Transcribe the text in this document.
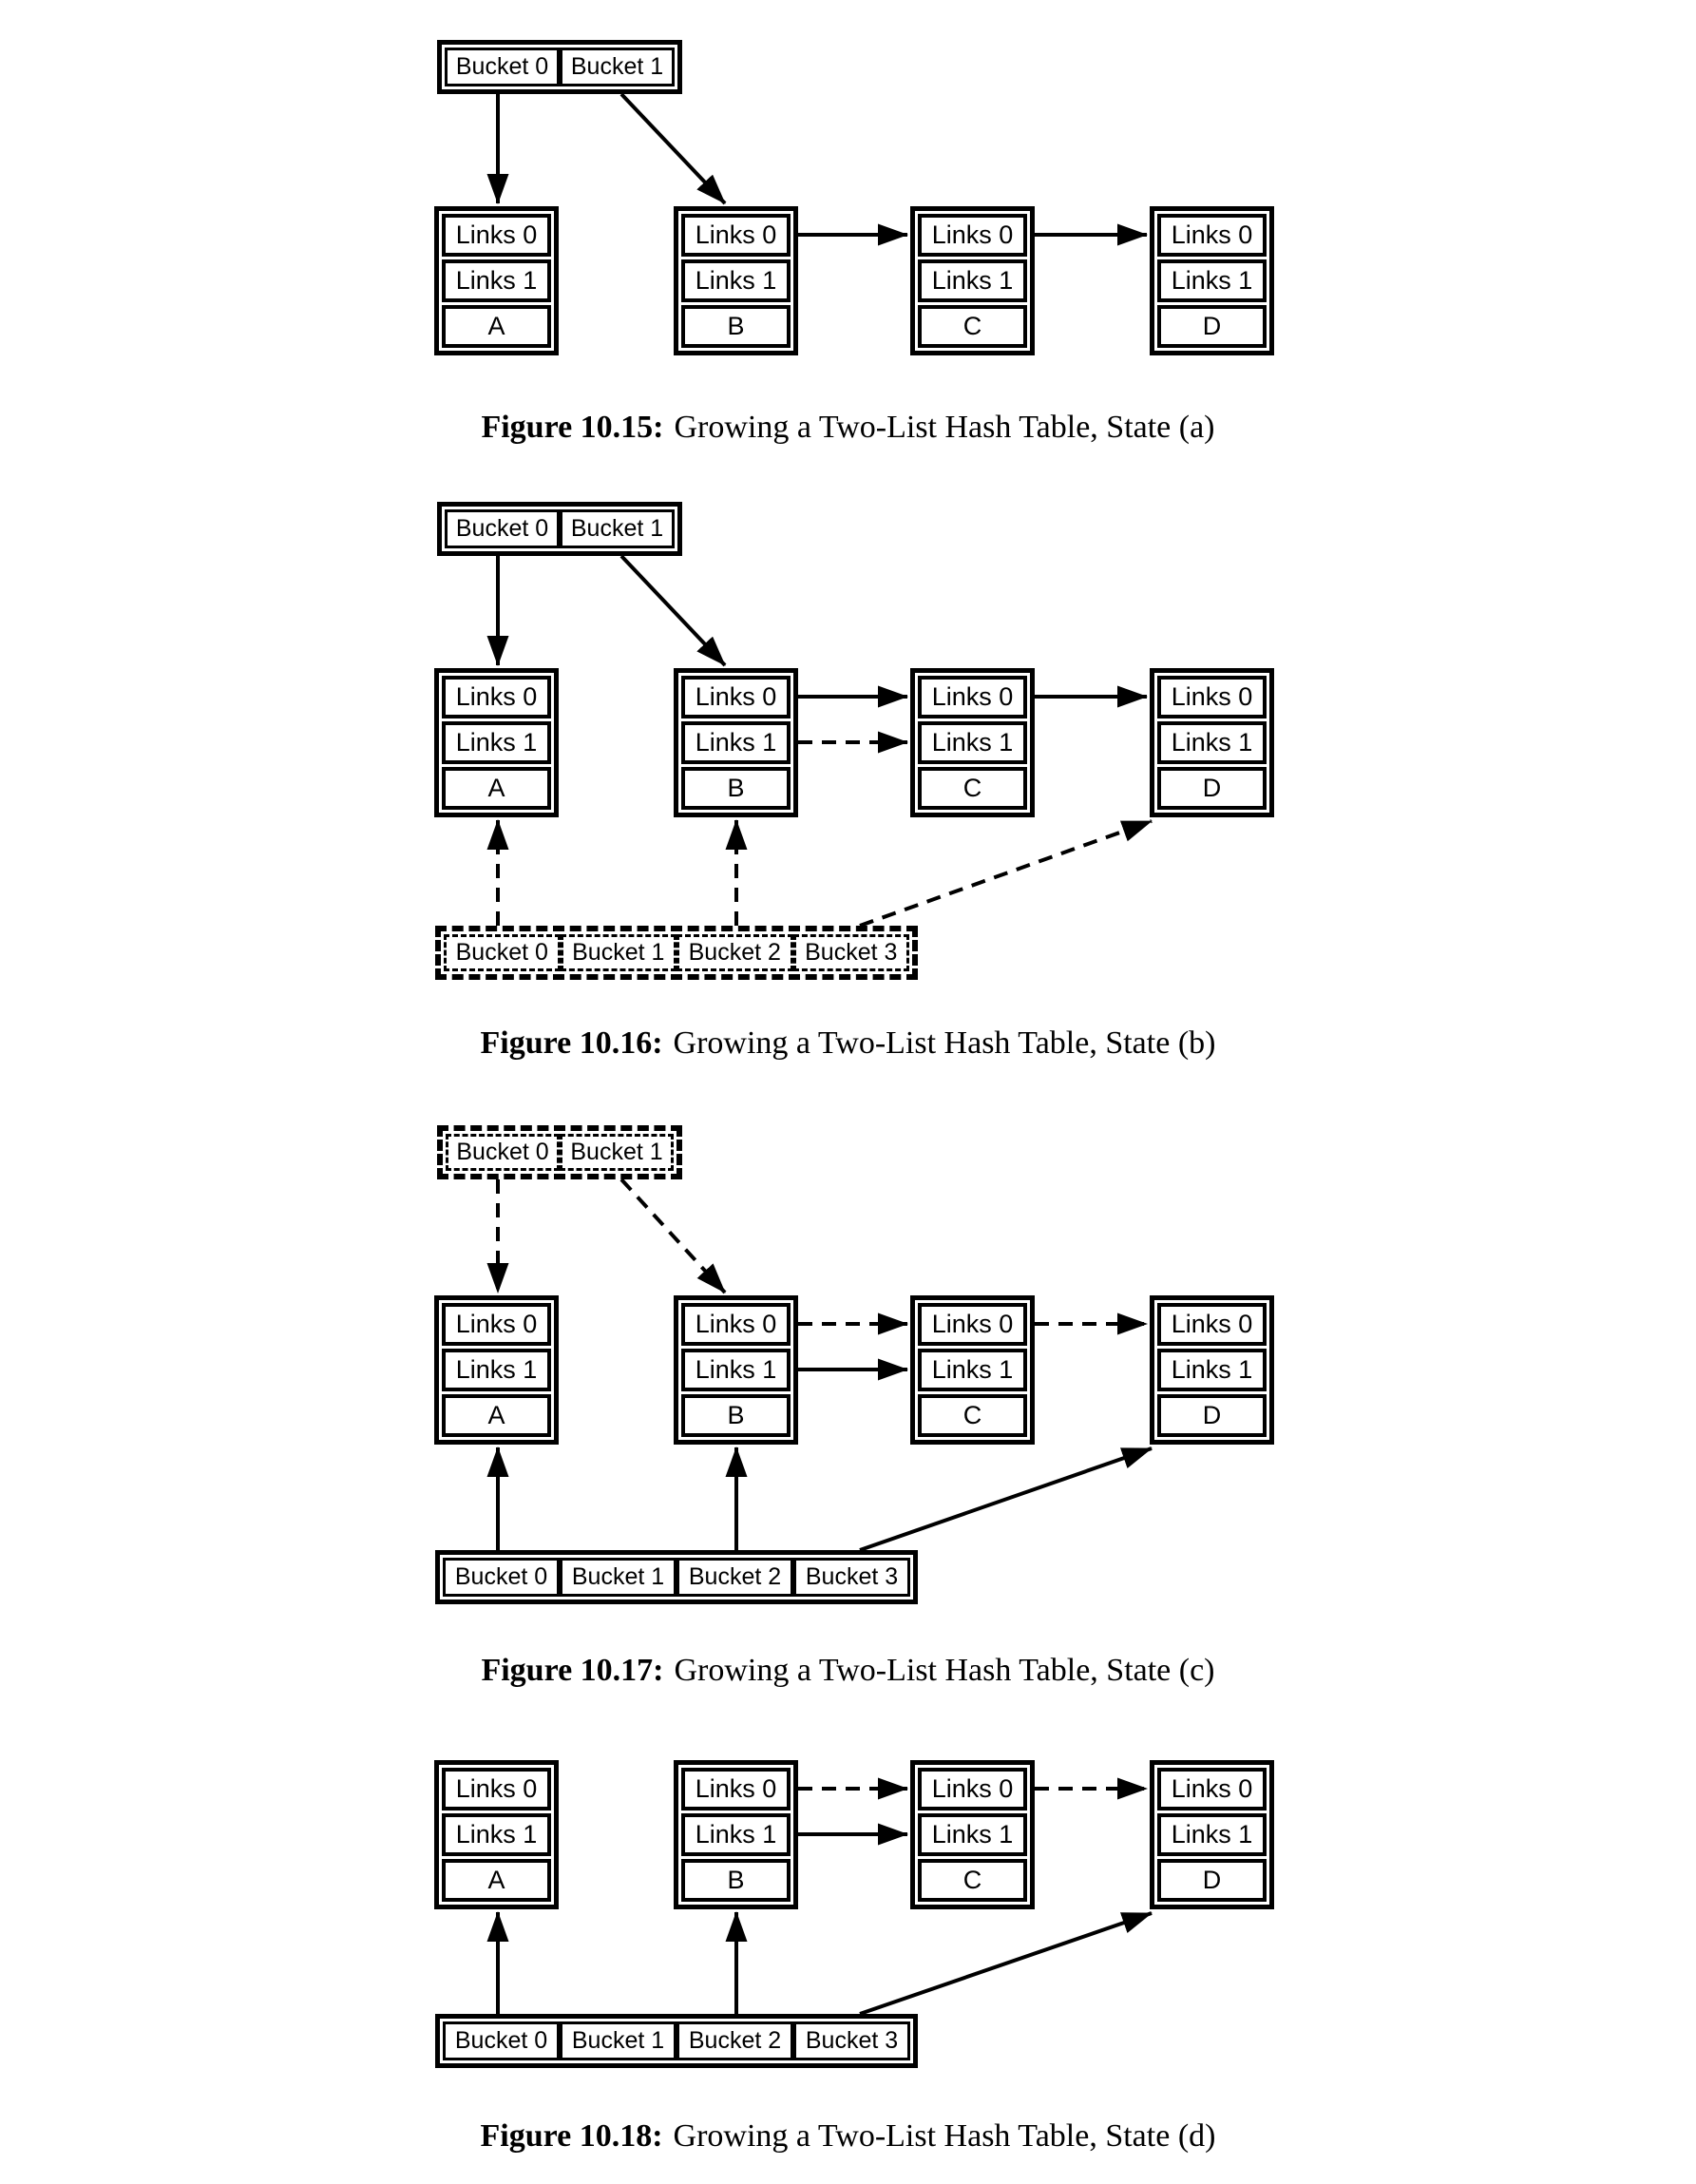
Bucket 0 Bucket 1
Links 0
Links 1
A
Links 0
Links 1
B
Links 0
Links 1
C
Links 0
Links 1
D
Figure 10.15: Growing a Two-List Hash Table, State (a)
Bucket 0 Bucket 1
Links 0
Links 1
A
Links 0
Links 1
B
Links 0
Links 1
C
Links 0
Links 1
D
Bucket 0	Bucket 1	Bucket 2	Bucket 3
Figure 10.16: Growing a Two-List Hash Table, State (b)
Bucket 0 Bucket 1
Links 0
Links 1
A
Links 0
Links 1
B
Links 0
Links 1
C
Links 0
Links 1
D
Bucket 0	Bucket 1	Bucket 2	Bucket 3
Figure 10.17: Growing a Two-List Hash Table, State (c)
Links 0
Links 1
A
Links 0
Links 1
B
Links 0
Links 1
C
Links 0
Links 1
D
Bucket 0	Bucket 1	Bucket 2	Bucket 3
Figure 10.18: Growing a Two-List Hash Table, State (d)
